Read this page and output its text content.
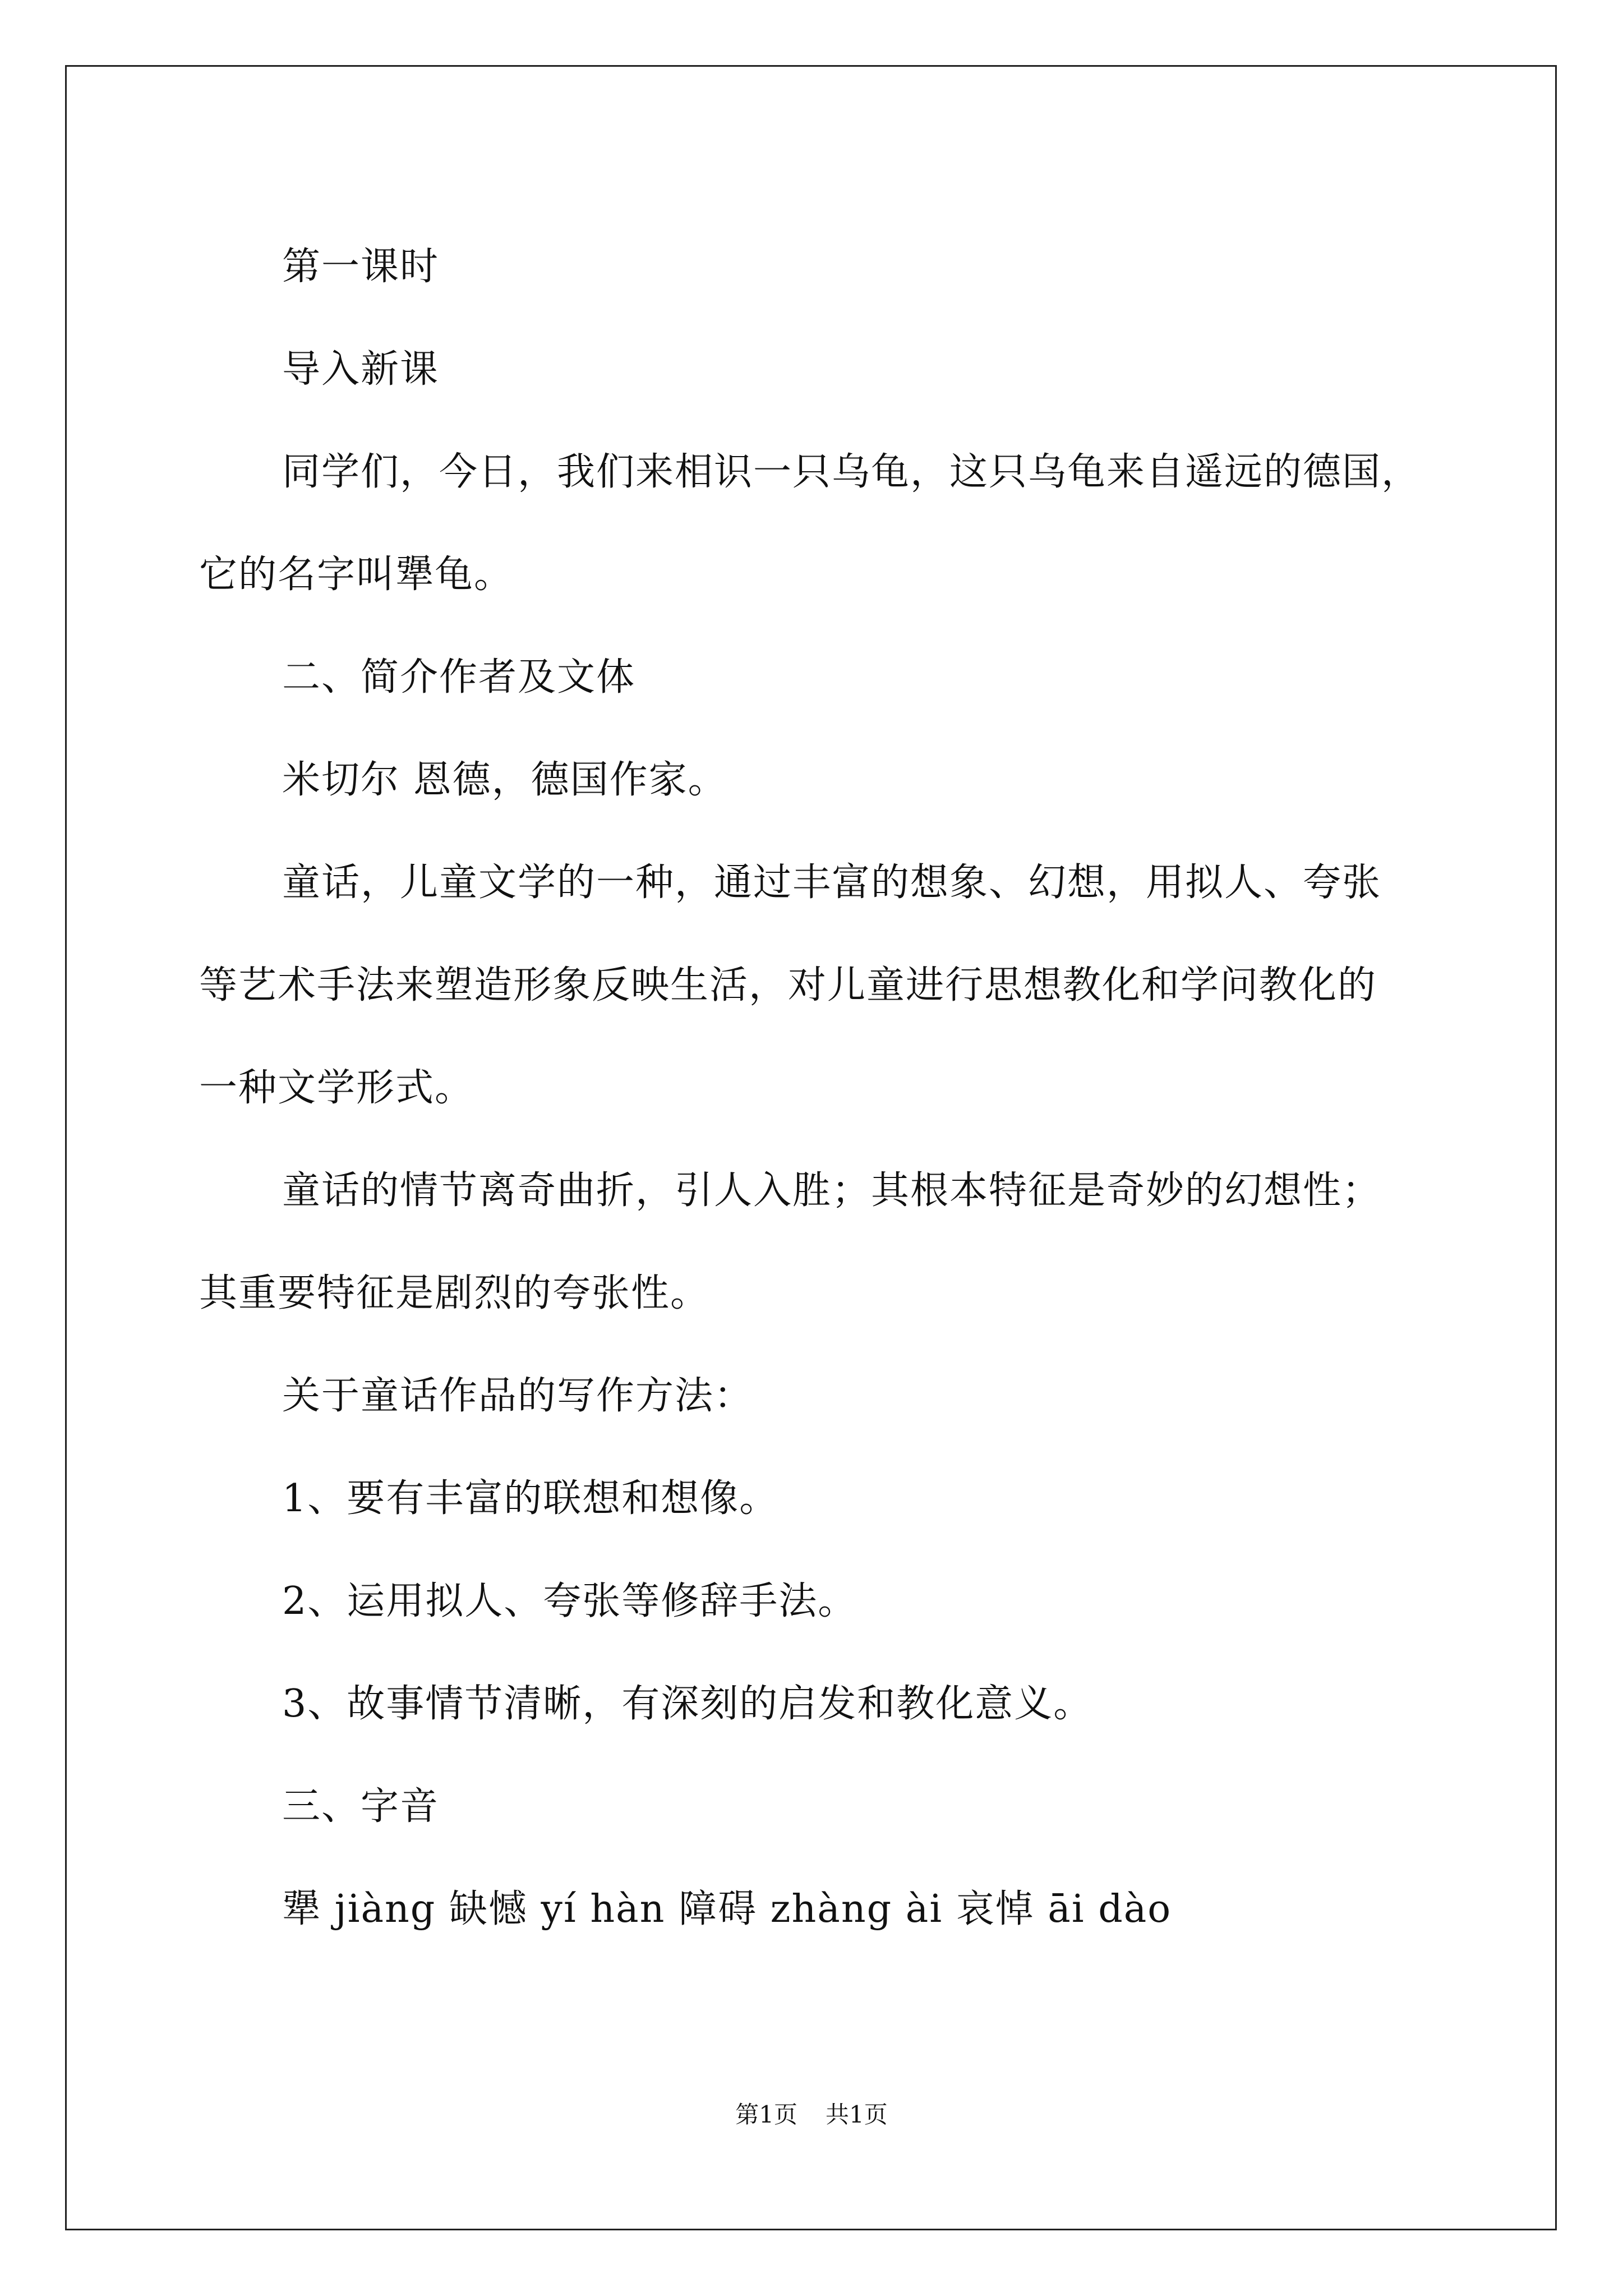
第一课时

导入新课

同学们，今日，我们来相识一只乌龟，这只乌龟来自遥远的德国，

它的名字叫犟龟。

二、简介作者及文体

米切尔 恩德，德国作家。

童话，儿童文学的一种，通过丰富的想象、幻想，用拟人、夸张

等艺术手法来塑造形象反映生活，对儿童进行思想教化和学问教化的

一种文学形式。

童话的情节离奇曲折，引人入胜；其根本特征是奇妙的幻想性；

其重要特征是剧烈的夸张性。

关于童话作品的写作方法：

1、要有丰富的联想和想像。

2、运用拟人、夸张等修辞手法。

3、故事情节清晰，有深刻的启发和教化意义。

三、字音

犟 jiàng 缺憾 yí hàn 障碍 zhàng ài 哀悼 āi dào

第1页 共1页
